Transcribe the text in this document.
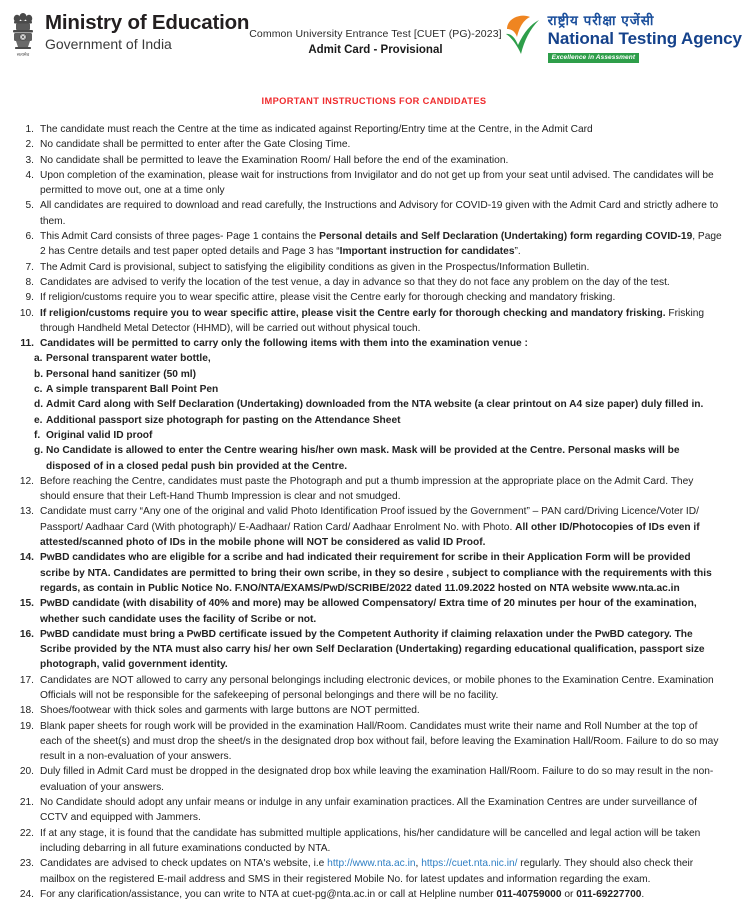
सत्यमेव
Ministry of Education
Government of India
Common University Entrance Test [CUET (PG)-2023]
Admit Card - Provisional
राष्ट्रीय परीक्षा एजेंसी
National Testing Agency
Excellence in Assessment
IMPORTANT INSTRUCTIONS FOR CANDIDATES
1. The candidate must reach the Centre at the time as indicated against Reporting/Entry time at the Centre, in the Admit Card
2. No candidate shall be permitted to enter after the Gate Closing Time.
3. No candidate shall be permitted to leave the Examination Room/ Hall before the end of the examination.
4. Upon completion of the examination, please wait for instructions from Invigilator and do not get up from your seat until advised. The candidates will be permitted to move out, one at a time only
5. All candidates are required to download and read carefully, the Instructions and Advisory for COVID-19 given with the Admit Card and strictly adhere to them.
6. This Admit Card consists of three pages- Page 1 contains the Personal details and Self Declaration (Undertaking) form regarding COVID-19, Page 2 has Centre details and test paper opted details and Page 3 has “Important instruction for candidates”.
7. The Admit Card is provisional, subject to satisfying the eligibility conditions as given in the Prospectus/Information Bulletin.
8. Candidates are advised to verify the location of the test venue, a day in advance so that they do not face any problem on the day of the test.
9. If religion/customs require you to wear specific attire, please visit the Centre early for thorough checking and mandatory frisking.
10. If religion/customs require you to wear specific attire, please visit the Centre early for thorough checking and mandatory frisking. Frisking through Handheld Metal Detector (HHMD), will be carried out without physical touch.
11. Candidates will be permitted to carry only the following items with them into the examination venue :
a. Personal transparent water bottle,
b. Personal hand sanitizer (50 ml)
c. A simple transparent Ball Point Pen
d. Admit Card along with Self Declaration (Undertaking) downloaded from the NTA website (a clear printout on A4 size paper) duly filled in.
e. Additional passport size photograph for pasting on the Attendance Sheet
f. Original valid ID proof
g. No Candidate is allowed to enter the Centre wearing his/her own mask. Mask will be provided at the Centre. Personal masks will be disposed of in a closed pedal push bin provided at the Centre.
12. Before reaching the Centre, candidates must paste the Photograph and put a thumb impression at the appropriate place on the Admit Card. They should ensure that their Left-Hand Thumb Impression is clear and not smudged.
13. Candidate must carry “Any one of the original and valid Photo Identification Proof issued by the Government” – PAN card/Driving Licence/Voter ID/ Passport/ Aadhaar Card (With photograph)/ E-Aadhaar/ Ration Card/ Aadhaar Enrolment No. with Photo. All other ID/Photocopies of IDs even if attested/scanned photo of IDs in the mobile phone will NOT be considered as valid ID Proof.
14. PwBD candidates who are eligible for a scribe and had indicated their requirement for scribe in their Application Form will be provided scribe by NTA. Candidates are permitted to bring their own scribe, in they so desire , subject to compliance with the requirements with this regards, as contain in Public Notice No. F.NO/NTA/EXAMS/PwD/SCRIBE/2022 dated 11.09.2022 hosted on NTA website www.nta.ac.in
15. PwBD candidate (with disability of 40% and more) may be allowed Compensatory/ Extra time of 20 minutes per hour of the examination, whether such candidate uses the facility of Scribe or not.
16. PwBD candidate must bring a PwBD certificate issued by the Competent Authority if claiming relaxation under the PwBD category. The Scribe provided by the NTA must also carry his/ her own Self Declaration (Undertaking) regarding educational qualification, passport size photograph, valid government identity.
17. Candidates are NOT allowed to carry any personal belongings including electronic devices, or mobile phones to the Examination Centre. Examination Officials will not be responsible for the safekeeping of personal belongings and there will be no facility.
18. Shoes/footwear with thick soles and garments with large buttons are NOT permitted.
19. Blank paper sheets for rough work will be provided in the examination Hall/Room. Candidates must write their name and Roll Number at the top of each of the sheet(s) and must drop the sheet/s in the designated drop box without fail, before leaving the Examination Hall/Room. Failure to do so may result in a non-evaluation of your answers.
20. Duly filled in Admit Card must be dropped in the designated drop box while leaving the examination Hall/Room. Failure to do so may result in the non- evaluation of your answers.
21. No Candidate should adopt any unfair means or indulge in any unfair examination practices. All the Examination Centres are under surveillance of CCTV and equipped with Jammers.
22. If at any stage, it is found that the candidate has submitted multiple applications, his/her candidature will be cancelled and legal action will be taken including debarring in all future examinations conducted by NTA.
23. Candidates are advised to check updates on NTA's website, i.e http://www.nta.ac.in, https://cuet.nta.nic.in/ regularly. They should also check their mailbox on the registered E-mail address and SMS in their registered Mobile No. for latest updates and information regarding the exam.
24. For any clarification/assistance, you can write to NTA at cuet-pg@nta.ac.in or call at Helpline number 011-40759000 or 011-69227700.
